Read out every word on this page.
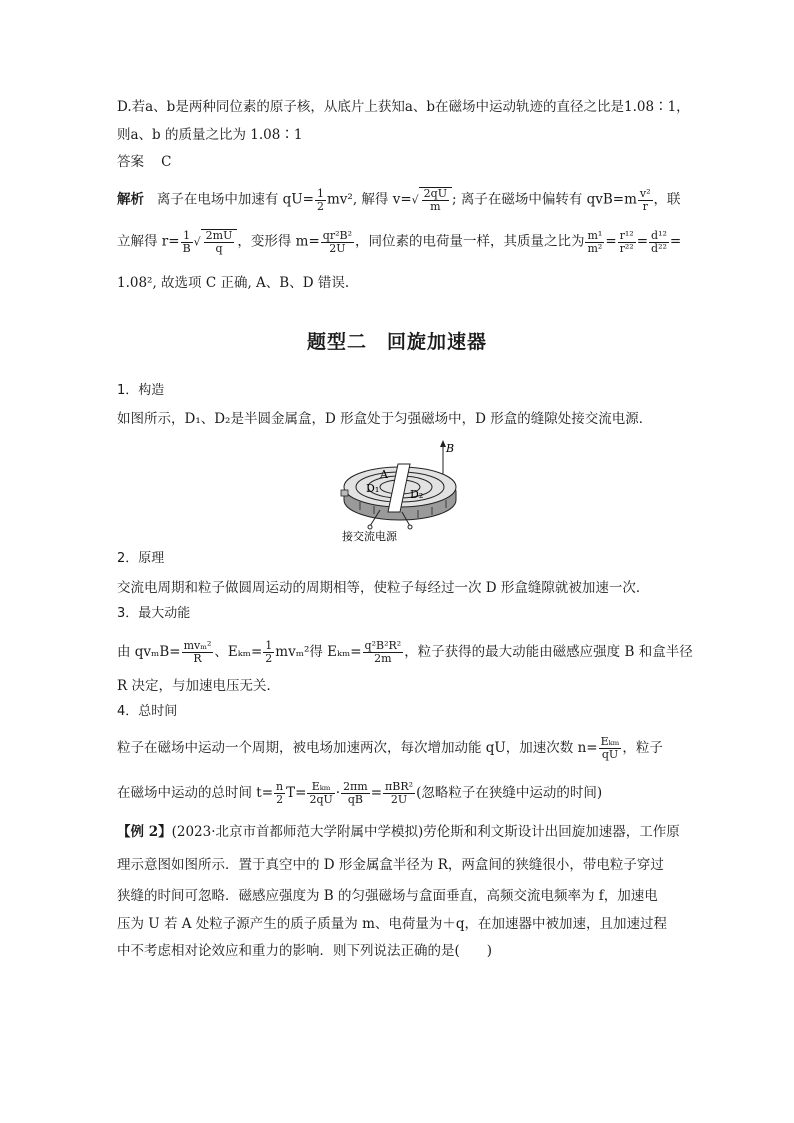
D.若a、b是两种同位素的原子核，从底片上获知a、b在磁场中运动轨迹的直径之比是1.08∶1，
则a、b 的质量之比为 1.08∶1
答案 C
解析 离子在电场中加速有 $qU= \frac{1}{2} mv^2$, 解得 $v=√ \frac{2qU}{m}$ ; 离子在磁场中偏转有 $qvB=m \frac{\text{v²}}{r}$ ，联
立解得 $r= \frac{1}{B}$ √ $\frac{2mU}{q}$ ，变形得 $m= \frac{\text{qr²B²}}{2U}$ ，同位素的电荷量一样，其质量之比为 $\frac{\text{m¹}}{\text{m²}} = \frac{\text{r¹²}}{\text{r²²}} = \frac{\text{d¹²}}{\text{d²²}}$ =
1.08², 故选项 C 正确, A、B、D 错误.
题型二　回旋加速器
1．构造
如图所示，D₁、D₂是半圆金属盒，D 形盒处于匀强磁场中，D 形盒的缝隙处接交流电源．
B
A
D₁	D₂
接交流电源
2．原理
交流电周期和粒子做圆周运动的周期相等，使粒子每经过一次 D 形盒缝隙就被加速一次．
3．最大动能
由 $qv_mB= \frac{\text{mvₘ²}}{R}$ 、$E_{km}= \frac{1}{2} mv_m^2$得 $E_{km}= \frac{\text{q²B²R²}}{2m}$ ，粒子获得的最大动能由磁感应强度 B 和盒半径
R 决定，与加速电压无关．
4．总时间
粒子在磁场中运动一个周期，被电场加速两次，每次增加动能 qU，加速次数 $n= \frac{\text{Eₖₘ}}{qU}$ ，粒子
在磁场中运动的总时间 $t= \frac{n}{2} T= \frac{\text{Eₖₘ}}{2qU} \cdot \frac{2\pi m}{qB} = \frac{\text{πBR²}}{2U}$ (忽略粒子在狭缝中运动的时间)
【例 2】(2023·北京市首都师范大学附属中学模拟)劳伦斯和利文斯设计出回旋加速器，工作原
理示意图如图所示．置于真空中的 D 形金属盒半径为 R，两盒间的狭缝很小，带电粒子穿过
狭缝的时间可忽略．磁感应强度为 B 的匀强磁场与盒面垂直，高频交流电频率为 f，加速电
压为 U 若 A 处粒子源产生的质子质量为 m、电荷量为＋q，在加速器中被加速，且加速过程
中不考虑相对论效应和重力的影响．则下列说法正确的是(　　)
